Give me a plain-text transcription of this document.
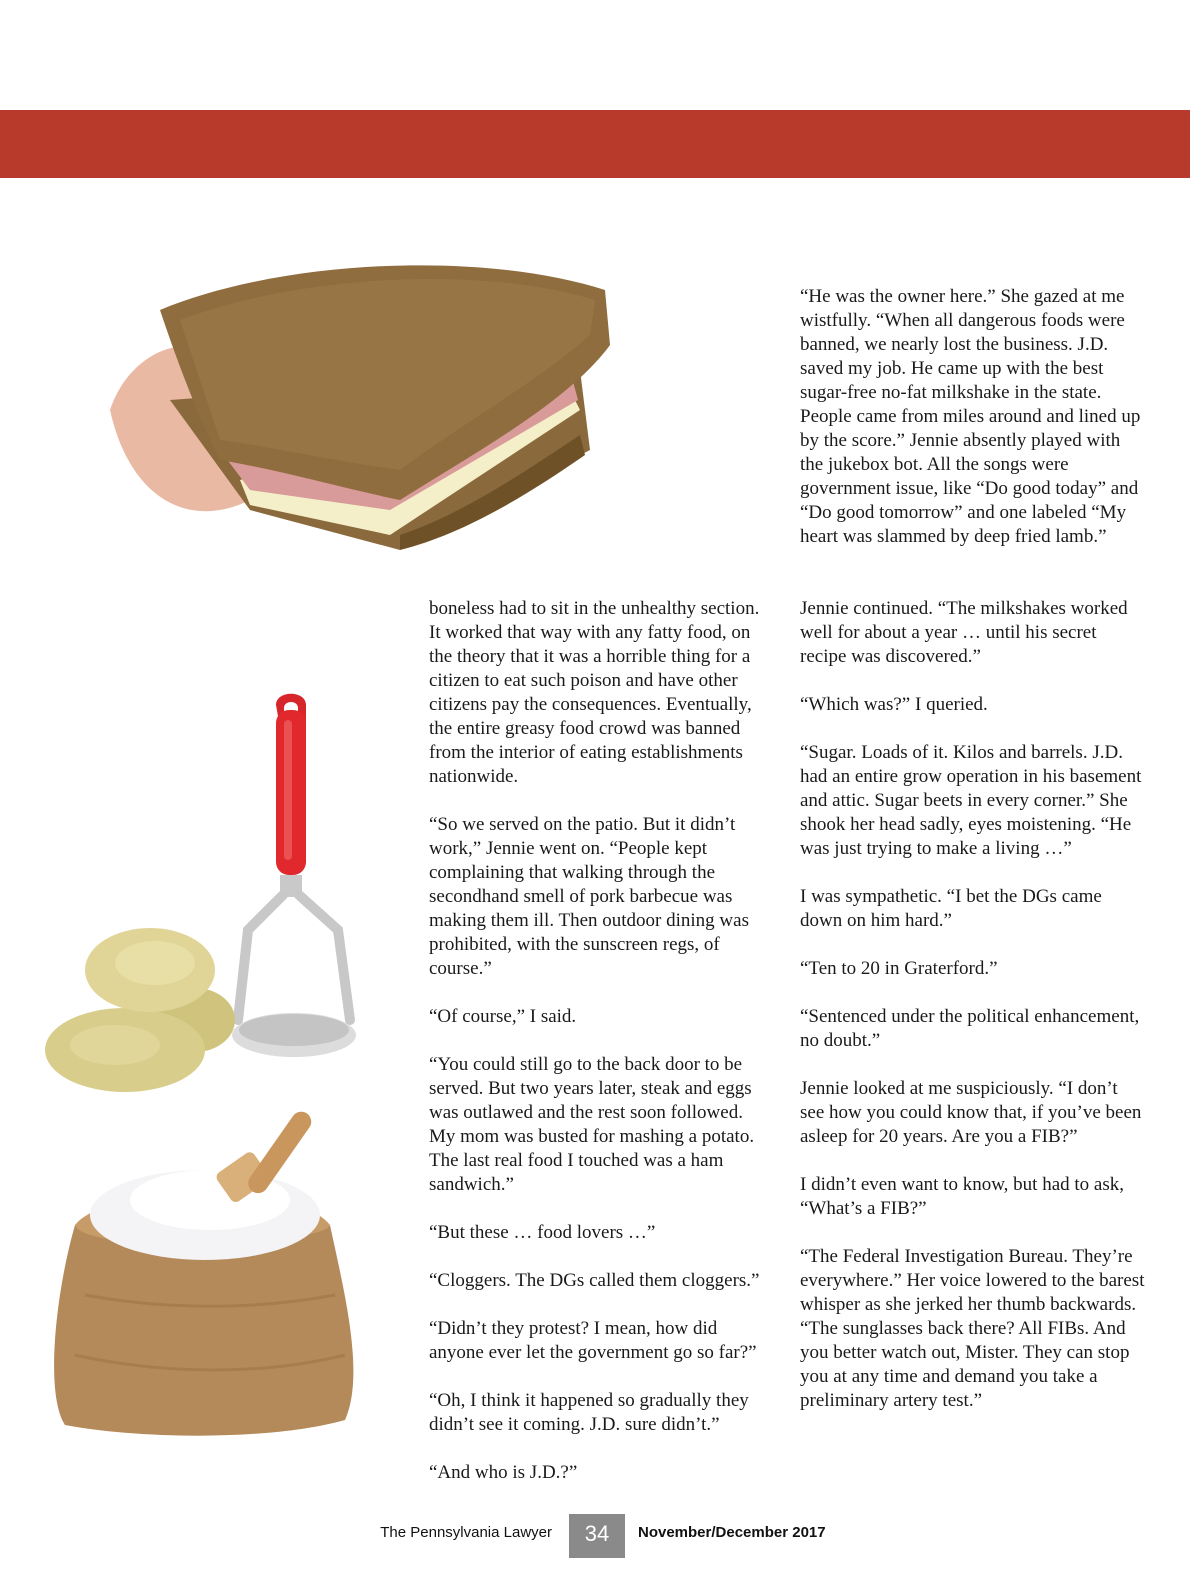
“He was the owner here.” She gazed at me wistfully. “When all dangerous foods were banned, we nearly lost the business. J.D. saved my job. He came up with the best sugar-free no-fat milkshake in the state. People came from miles around and lined up by the score.” Jennie absently played with the jukebox bot. All the songs were government issue, like “Do good today” and “Do good tomorrow” and one labeled “My heart was slammed by deep fried lamb.”

boneless had to sit in the unhealthy section. It worked that way with any fatty food, on the theory that it was a horrible thing for a citizen to eat such poison and have other citizens pay the consequences. Eventually, the entire greasy food crowd was banned from the interior of eating establishments nationwide.

“So we served on the patio. But it didn’t work,” Jennie went on. “People kept complaining that walking through the secondhand smell of pork barbecue was making them ill. Then outdoor dining was prohibited, with the sunscreen regs, of course.”

“Of course,” I said.

“You could still go to the back door to be served. But two years later, steak and eggs was outlawed and the rest soon followed. My mom was busted for mashing a potato. The last real food I touched was a ham sandwich.”

“But these … food lovers …”

“Cloggers. The DGs called them cloggers.”

“Didn’t they protest? I mean, how did anyone ever let the government go so far?”

“Oh, I think it happened so gradually they didn’t see it coming. J.D. sure didn’t.”

“And who is J.D.?”

Jennie continued. “The milkshakes worked well for about a year … until his secret recipe was discovered.”

“Which was?” I queried.

“Sugar. Loads of it. Kilos and barrels. J.D. had an entire grow operation in his basement and attic. Sugar beets in every corner.” She shook her head sadly, eyes moistening. “He was just trying to make a living …”

I was sympathetic. “I bet the DGs came down on him hard.”

“Ten to 20 in Graterford.”

“Sentenced under the political enhancement, no doubt.”

Jennie looked at me suspiciously. “I don’t see how you could know that, if you’ve been asleep for 20 years. Are you a FIB?”

I didn’t even want to know, but had to ask, “What’s a FIB?”

“The Federal Investigation Bureau. They’re everywhere.” Her voice lowered to the barest whisper as she jerked her thumb backwards. “The sunglasses back there? All FIBs. And you better watch out, Mister. They can stop you at any time and demand you take a preliminary artery test.”

The Pennsylvania Lawyer	34	November/December 2017
